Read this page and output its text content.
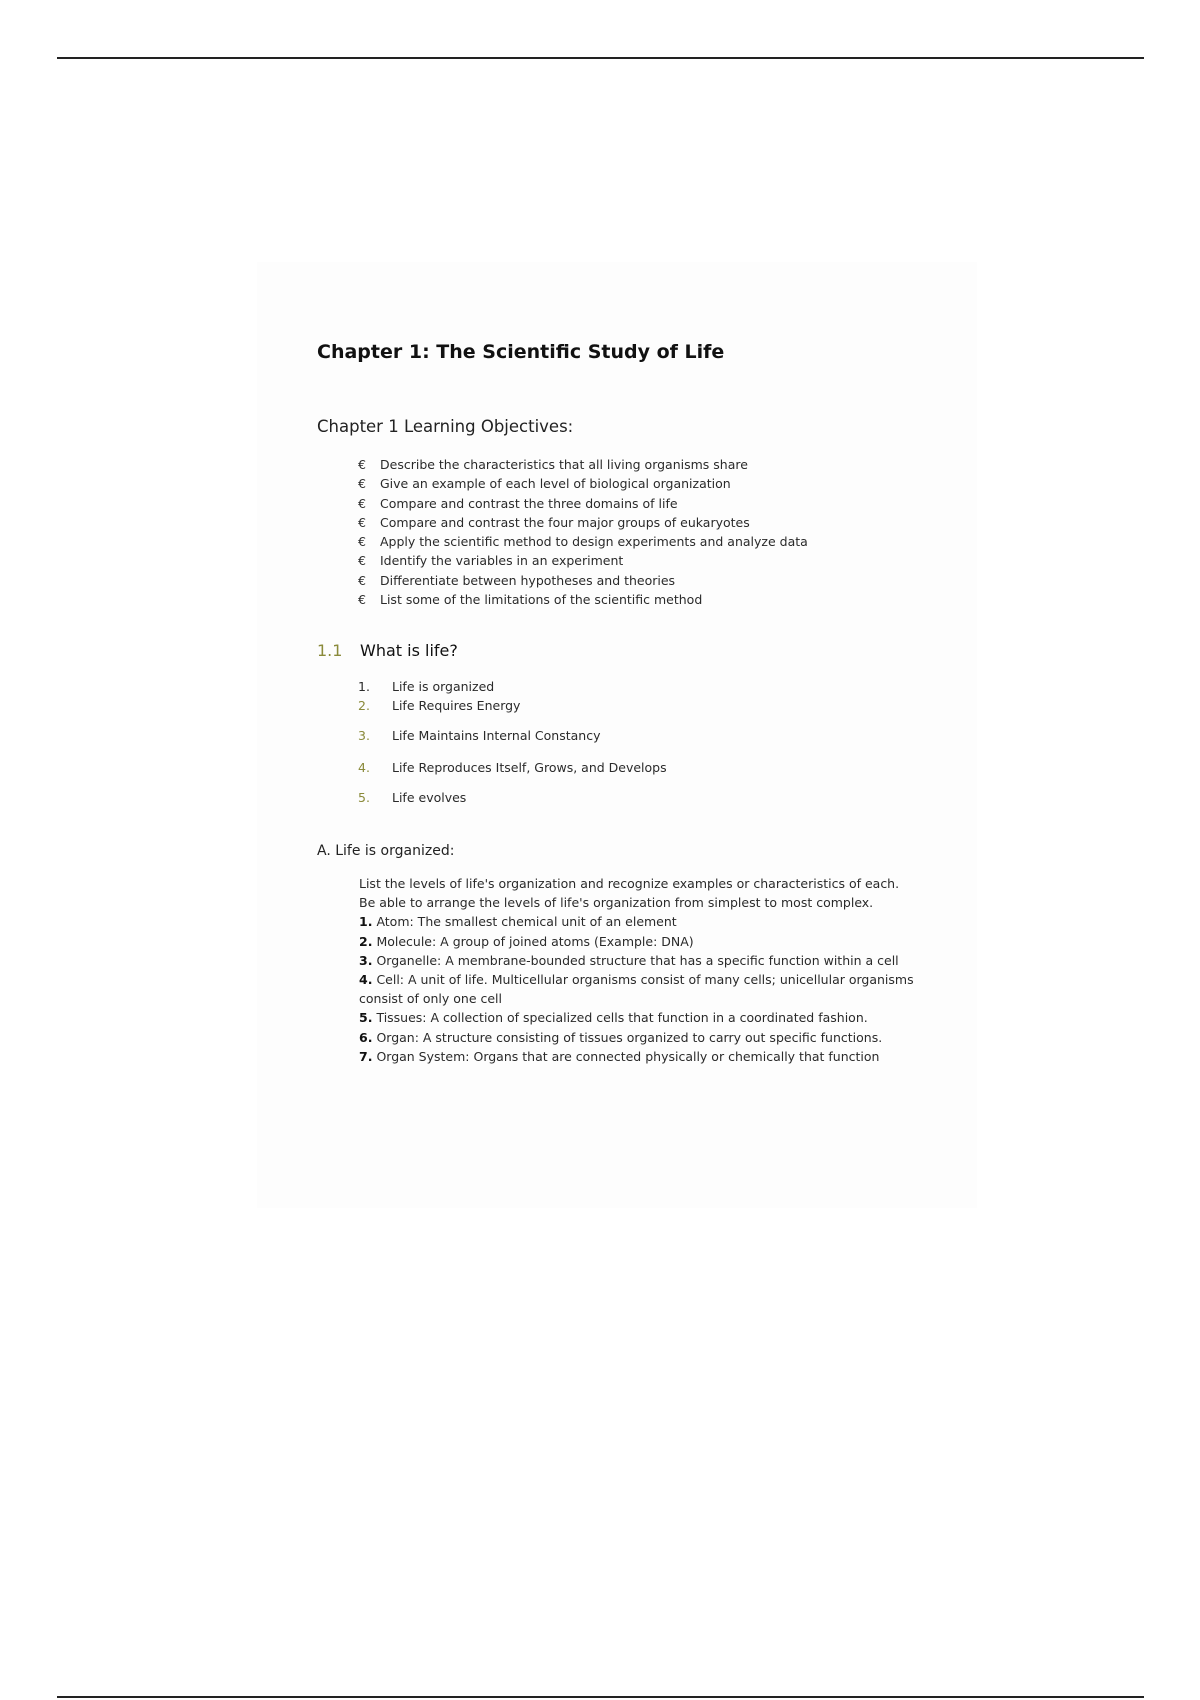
Chapter 1: The Scientific Study of Life
Chapter 1 Learning Objectives:
€ Describe the characteristics that all living organisms share
€ Give an example of each level of biological organization
€ Compare and contrast the three domains of life
€ Compare and contrast the four major groups of eukaryotes
€ Apply the scientific method to design experiments and analyze data
€ Identify the variables in an experiment
€ Differentiate between hypotheses and theories
€ List some of the limitations of the scientific method
1.1 What is life?
1. Life is organized
2. Life Requires Energy
3. Life Maintains Internal Constancy
4. Life Reproduces Itself, Grows, and Develops
5. Life evolves
A. Life is organized:

List the levels of life's organization and recognize examples or characteristics of each. Be able to arrange the levels of life's organization from simplest to most complex.

1. Atom: The smallest chemical unit of an element
2. Molecule: A group of joined atoms (Example: DNA)
3. Organelle: A membrane-bounded structure that has a specific function within a cell
4. Cell: A unit of life. Multicellular organisms consist of many cells; unicellular organisms consist of only one cell
5. Tissues: A collection of specialized cells that function in a coordinated fashion.
6. Organ: A structure consisting of tissues organized to carry out specific functions.
7. Organ System: Organs that are connected physically or chemically that function
